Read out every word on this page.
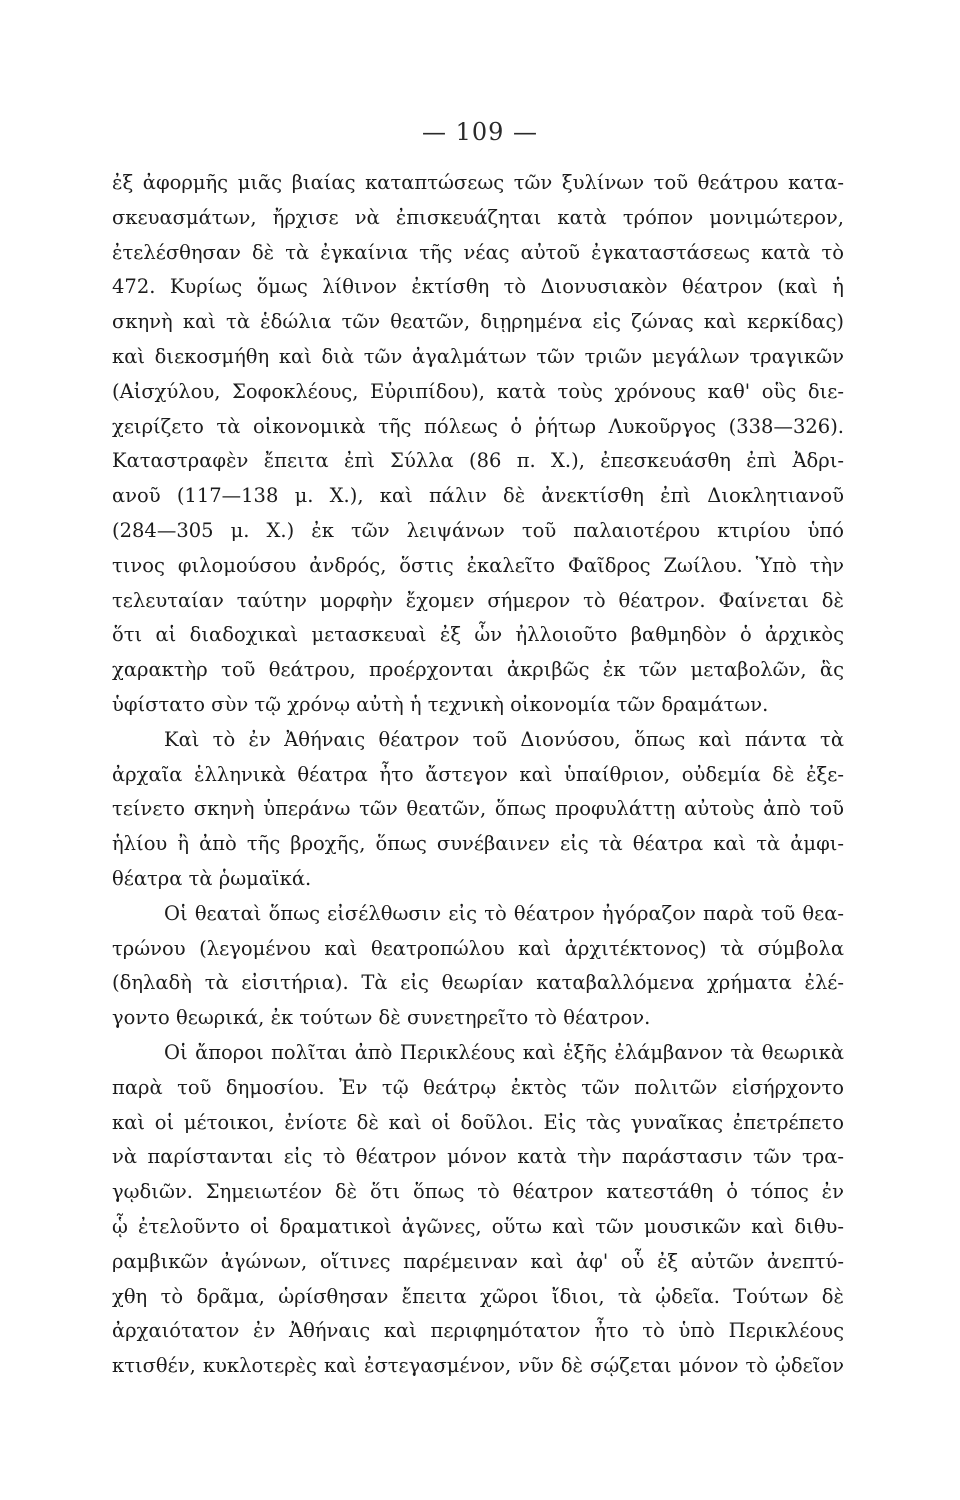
— 109 —
ἐξ ἀφορμῆς μιᾶς βιαίας καταπτώσεως τῶν ξυλίνων τοῦ θεάτρου κατα-
σκευασμάτων, ἤρχισε νὰ ἐπισκευάζηται κατὰ τρόπον μονιμώτερον,
ἐτελέσθησαν δὲ τὰ ἐγκαίνια τῆς νέας αὐτοῦ ἐγκαταστάσεως κατὰ τὸ
472. Κυρίως ὅμως λίθινον ἐκτίσθη τὸ Διονυσιακὸν θέατρον (καὶ ἡ
σκηνὴ καὶ τὰ ἑδώλια τῶν θεατῶν, διῃρημένα εἰς ζώνας καὶ κερκίδας)
καὶ διεκοσμήθη καὶ διὰ τῶν ἀγαλμάτων τῶν τριῶν μεγάλων τραγικῶν
(Αἰσχύλου, Σοφοκλέους, Εὐριπίδου), κατὰ τοὺς χρόνους καθ' οὓς διε-
χειρίζετο τὰ οἰκονομικὰ τῆς πόλεως ὁ ῥήτωρ Λυκοῦργος (338—326).
Καταστραφὲν ἔπειτα ἐπὶ Σύλλα (86 π. Χ.), ἐπεσκευάσθη ἐπὶ Ἀδρι-
ανοῦ (117—138 μ. Χ.), καὶ πάλιν δὲ ἀνεκτίσθη ἐπὶ Διοκλητιανοῦ
(284—305 μ. Χ.) ἐκ τῶν λειψάνων τοῦ παλαιοτέρου κτιρίου ὑπό
τινος φιλομούσου ἀνδρός, ὅστις ἐκαλεῖτο Φαῖδρος Ζωίλου. Ὑπὸ τὴν
τελευταίαν ταύτην μορφὴν ἔχομεν σήμερον τὸ θέατρον. Φαίνεται δὲ
ὅτι αἱ διαδοχικαὶ μετασκευαὶ ἐξ ὧν ἠλλοιοῦτο βαθμηδὸν ὁ ἀρχικὸς
χαρακτὴρ τοῦ θεάτρου, προέρχονται ἀκριβῶς ἐκ τῶν μεταβολῶν, ἃς
ὑφίστατο σὺν τῷ χρόνῳ αὐτὴ ἡ τεχνικὴ οἰκονομία τῶν δραμάτων.
Καὶ τὸ ἐν Ἀθήναις θέατρον τοῦ Διονύσου, ὅπως καὶ πάντα τὰ
ἀρχαῖα ἑλληνικὰ θέατρα ἦτο ἄστεγον καὶ ὑπαίθριον, οὐδεμία δὲ ἐξε-
τείνετο σκηνὴ ὑπεράνω τῶν θεατῶν, ὅπως προφυλάττῃ αὐτοὺς ἀπὸ τοῦ
ἡλίου ἢ ἀπὸ τῆς βροχῆς, ὅπως συνέβαινεν εἰς τὰ θέατρα καὶ τὰ ἀμφι-
θέατρα τὰ ῥωμαϊκά.
Οἱ θεαταὶ ὅπως εἰσέλθωσιν εἰς τὸ θέατρον ἠγόραζον παρὰ τοῦ θεα-
τρώνου (λεγομένου καὶ θεατροπώλου καὶ ἀρχιτέκτονος) τὰ σύμβολα
(δηλαδὴ τὰ εἰσιτήρια). Τὰ εἰς θεωρίαν καταβαλλόμενα χρήματα ἐλέ-
γοντο θεωρικά, ἐκ τούτων δὲ συνετηρεῖτο τὸ θέατρον.
Οἱ ἄποροι πολῖται ἀπὸ Περικλέους καὶ ἑξῆς ἐλάμβανον τὰ θεωρικὰ
παρὰ τοῦ δημοσίου. Ἐν τῷ θεάτρῳ ἐκτὸς τῶν πολιτῶν εἰσήρχοντο
καὶ οἱ μέτοικοι, ἐνίοτε δὲ καὶ οἱ δοῦλοι. Εἰς τὰς γυναῖκας ἐπετρέπετο
νὰ παρίστανται εἰς τὸ θέατρον μόνον κατὰ τὴν παράστασιν τῶν τρα-
γῳδιῶν. Σημειωτέον δὲ ὅτι ὅπως τὸ θέατρον κατεστάθη ὁ τόπος ἐν
ᾧ ἐτελοῦντο οἱ δραματικοὶ ἀγῶνες, οὕτω καὶ τῶν μουσικῶν καὶ διθυ-
ραμβικῶν ἀγώνων, οἵτινες παρέμειναν καὶ ἀφ' οὗ ἐξ αὐτῶν ἀνεπτύ-
χθη τὸ δρᾶμα, ὡρίσθησαν ἔπειτα χῶροι ἴδιοι, τὰ ᾠδεῖα. Τούτων δὲ
ἀρχαιότατον ἐν Ἀθήναις καὶ περιφημότατον ἦτο τὸ ὑπὸ Περικλέους
κτισθέν, κυκλοτερὲς καὶ ἐστεγασμένον, νῦν δὲ σῴζεται μόνον τὸ ᾠδεῖον
